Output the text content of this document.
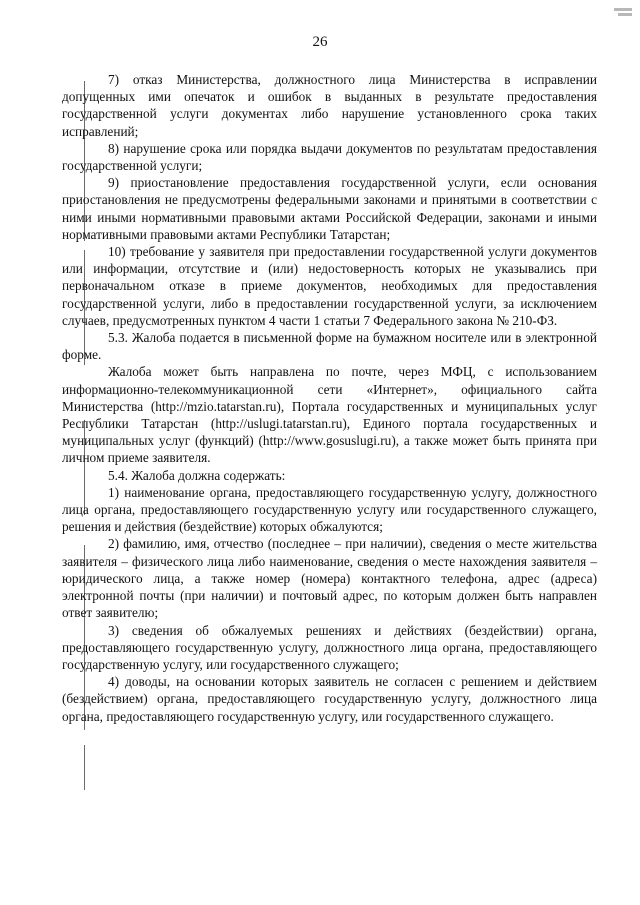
26

7) отказ Министерства, должностного лица Министерства в исправлении допущенных ими опечаток и ошибок в выданных в результате предоставления государственной услуги документах либо нарушение установленного срока таких исправлений;

8) нарушение срока или порядка выдачи документов по результатам предоставления государственной услуги;

9) приостановление предоставления государственной услуги, если основания приостановления не предусмотрены федеральными законами и принятыми в соответствии с ними иными нормативными правовыми актами Российской Федерации, законами и иными нормативными правовыми актами Республики Татарстан;

10) требование у заявителя при предоставлении государственной услуги документов или информации, отсутствие и (или) недостоверность которых не указывались при первоначальном отказе в приеме документов, необходимых для предоставления государственной услуги, либо в предоставлении государственной услуги, за исключением случаев, предусмотренных пунктом 4 части 1 статьи 7 Федерального закона № 210-ФЗ.

5.3. Жалоба подается в письменной форме на бумажном носителе или в электронной форме.

Жалоба может быть направлена по почте, через МФЦ, с использованием информационно-телекоммуникационной сети «Интернет», официального сайта Министерства (http://mzio.tatarstan.ru), Портала государственных и муниципальных услуг Республики Татарстан (http://uslugi.tatarstan.ru), Единого портала государственных и муниципальных услуг (функций) (http://www.gosuslugi.ru), а также может быть принята при личном приеме заявителя.

5.4. Жалоба должна содержать:

1) наименование органа, предоставляющего государственную услугу, должностного лица органа, предоставляющего государственную услугу или государственного служащего, решения и действия (бездействие) которых обжалуются;

2) фамилию, имя, отчество (последнее – при наличии), сведения о месте жительства заявителя – физического лица либо наименование, сведения о месте нахождения заявителя – юридического лица, а также номер (номера) контактного телефона, адрес (адреса) электронной почты (при наличии) и почтовый адрес, по которым должен быть направлен ответ заявителю;

3) сведения об обжалуемых решениях и действиях (бездействии) органа, предоставляющего государственную услугу, должностного лица органа, предоставляющего государственную услугу, или государственного служащего;

4) доводы, на основании которых заявитель не согласен с решением и действием (бездействием) органа, предоставляющего государственную услугу, должностного лица органа, предоставляющего государственную услугу, или государственного служащего.
